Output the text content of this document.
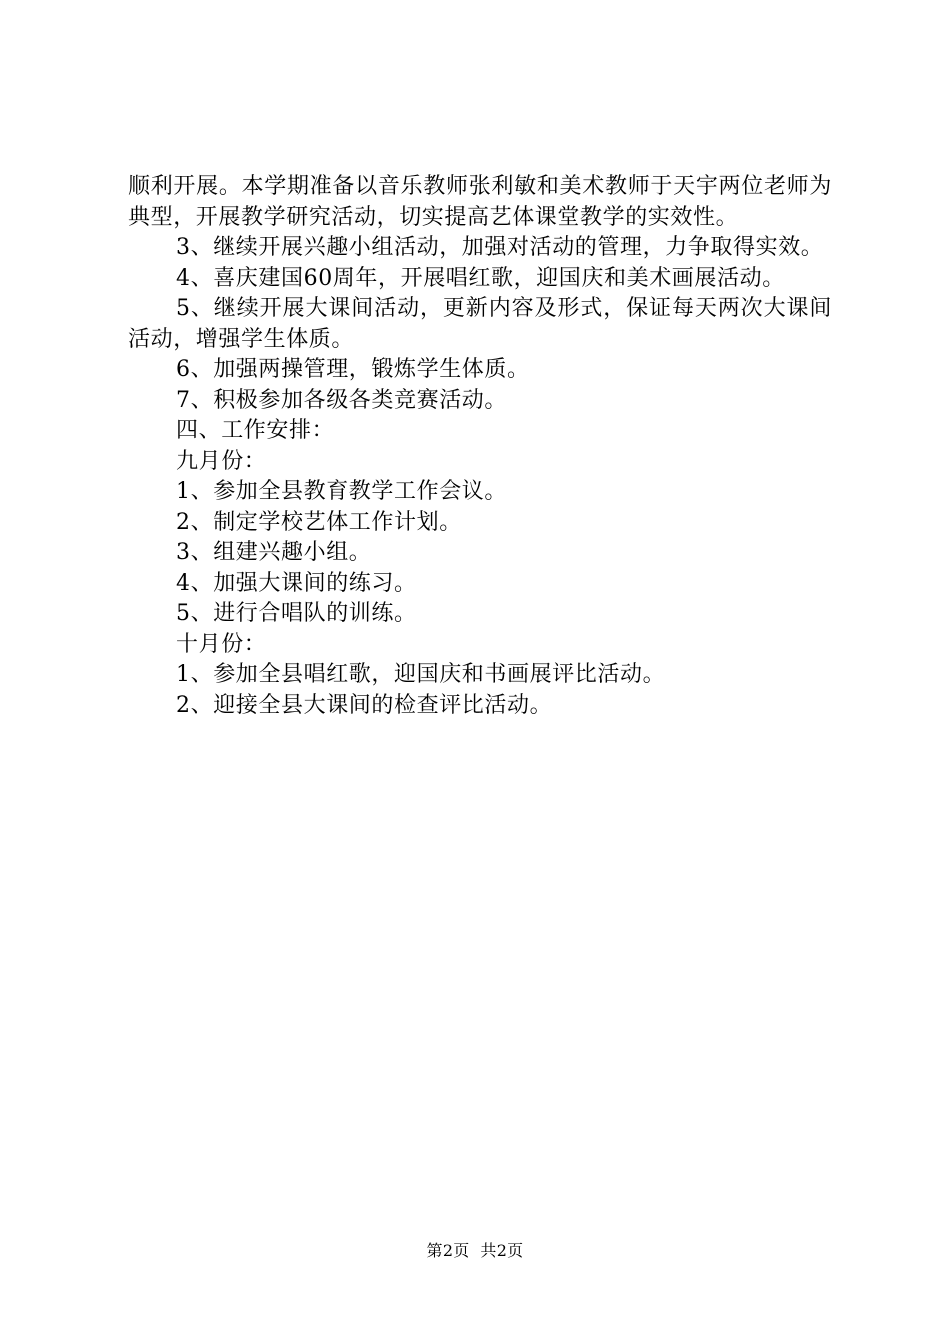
顺利开展。本学期准备以音乐教师张利敏和美术教师于天宇两位老师为典型，开展教学研究活动，切实提高艺体课堂教学的实效性。

3、继续开展兴趣小组活动，加强对活动的管理，力争取得实效。

4、喜庆建国60周年，开展唱红歌，迎国庆和美术画展活动。

5、继续开展大课间活动，更新内容及形式，保证每天两次大课间活动，增强学生体质。

6、加强两操管理，锻炼学生体质。

7、积极参加各级各类竞赛活动。

四、工作安排：

九月份：

1、参加全县教育教学工作会议。

2、制定学校艺体工作计划。

3、组建兴趣小组。

4、加强大课间的练习。

5、进行合唱队的训练。

十月份：

1、参加全县唱红歌，迎国庆和书画展评比活动。

2、迎接全县大课间的检查评比活动。

第2页 共2页
